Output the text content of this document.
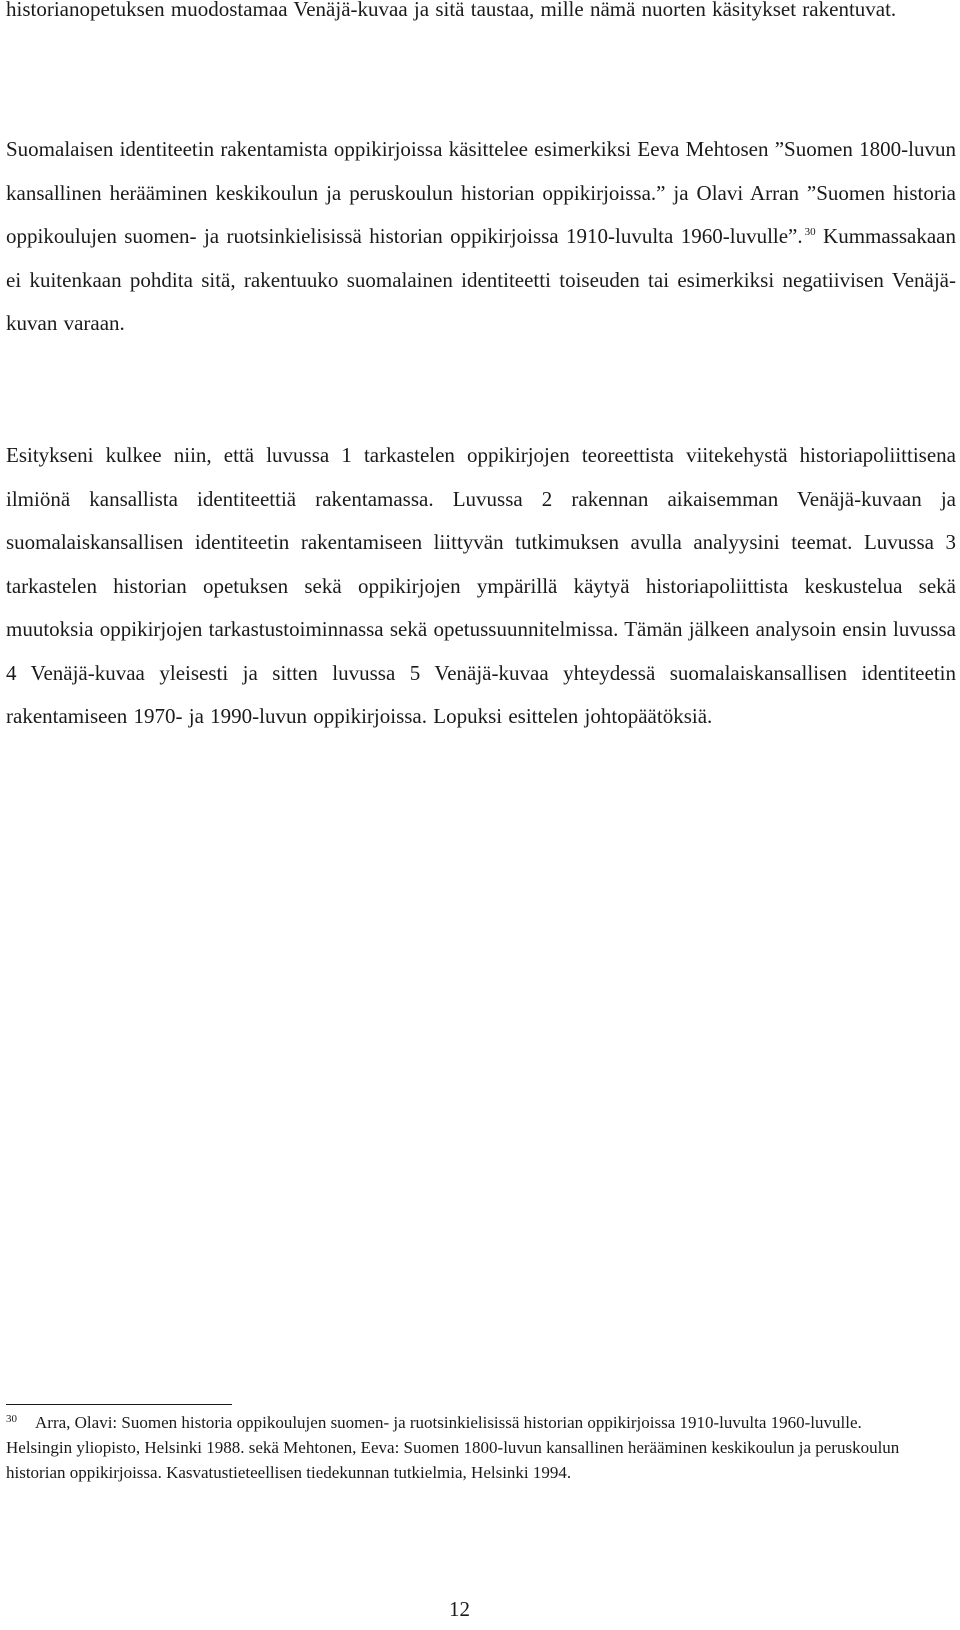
historianopetuksen muodostamaa Venäjä-kuvaa ja sitä taustaa, mille nämä nuorten käsitykset rakentuvat.

Suomalaisen identiteetin rakentamista oppikirjoissa käsittelee esimerkiksi Eeva Mehtosen ”Suomen 1800-luvun kansallinen herääminen keskikoulun ja peruskoulun historian oppikirjoissa.” ja Olavi Arran ”Suomen historia oppikoulujen suomen- ja ruotsinkielisissä historian oppikirjoissa 1910-luvulta 1960-luvulle”. $^{30}$ Kummassakaan ei kuitenkaan pohdita sitä, rakentuuko suomalainen identiteetti toiseuden tai esimerkiksi negatiivisen Venäjä-kuvan varaan.

Esitykseni kulkee niin, että luvussa 1 tarkastelen oppikirjojen teoreettista viitekehystä historiapoliittisena ilmiönä kansallista identiteettiä rakentamassa. Luvussa 2 rakennan aikaisemman Venäjä-kuvaan ja suomalaiskansallisen identiteetin rakentamiseen liittyvän tutkimuksen avulla analyysini teemat. Luvussa 3 tarkastelen historian opetuksen sekä oppikirjojen ympärillä käytyä historiapoliittista keskustelua sekä muutoksia oppikirjojen tarkastustoiminnassa sekä opetussuunnitelmissa. Tämän jälkeen analysoin ensin luvussa 4 Venäjä-kuvaa yleisesti ja sitten luvussa 5 Venäjä-kuvaa yhteydessä suomalaiskansallisen identiteetin rakentamiseen 1970- ja 1990-luvun oppikirjoissa. Lopuksi esittelen johtopäätöksiä.

$^{30}$ Arra, Olavi: Suomen historia oppikoulujen suomen- ja ruotsinkielisissä historian oppikirjoissa 1910-luvulta 1960-luvulle. Helsingin yliopisto, Helsinki 1988. sekä Mehtonen, Eeva: Suomen 1800-luvun kansallinen herääminen keskikoulun ja peruskoulun historian oppikirjoissa. Kasvatustieteellisen tiedekunnan tutkielmia, Helsinki 1994.

12
